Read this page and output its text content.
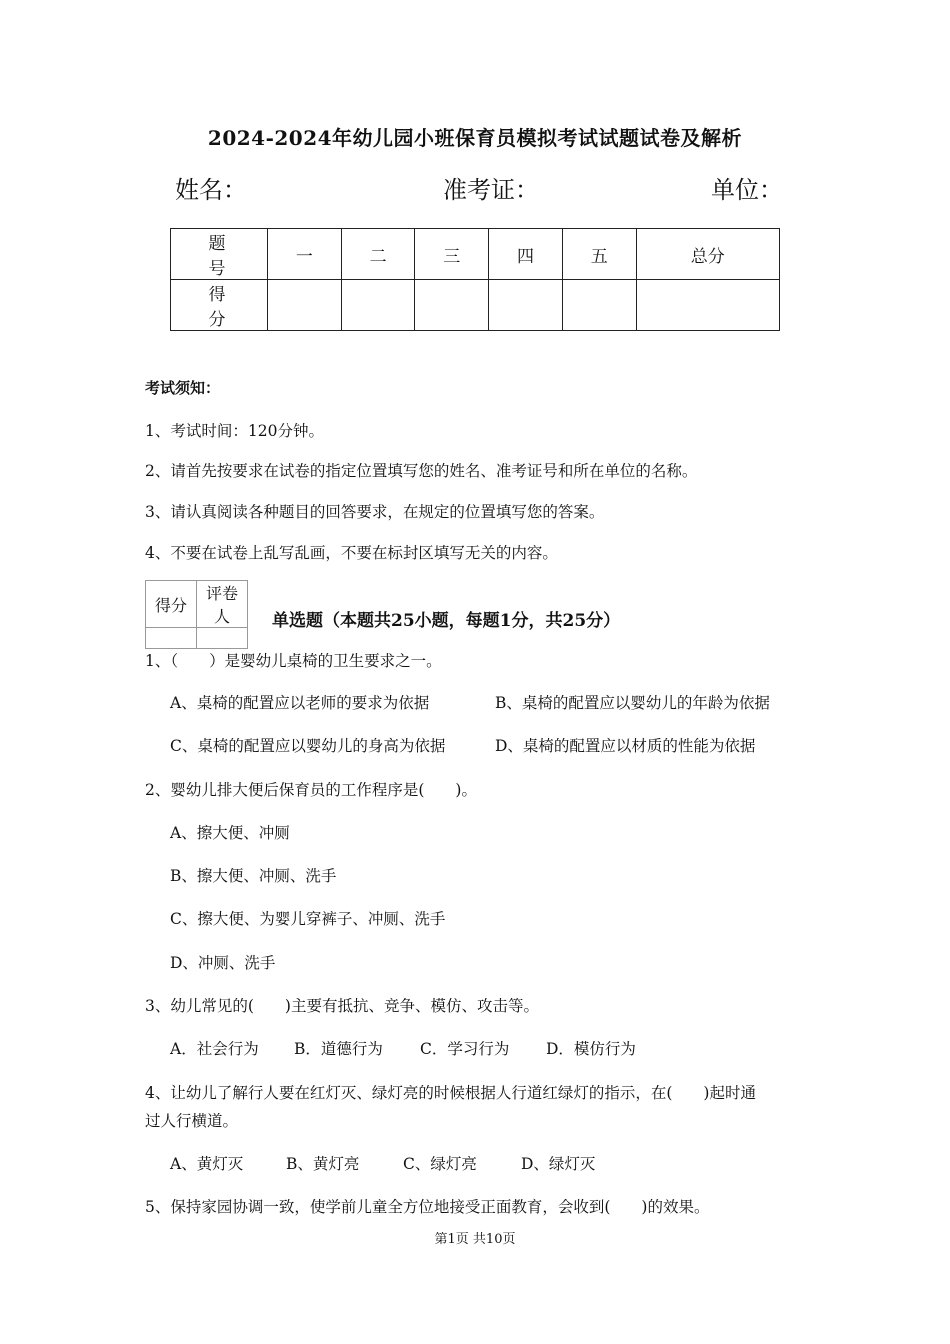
2024-2024年幼儿园小班保育员模拟考试试题试卷及解析
姓名：	准考证：	单位：
题　号	一	二	三	四	五	总分
得　分						
考试须知：
1、考试时间：120分钟。
2、请首先按要求在试卷的指定位置填写您的姓名、准考证号和所在单位的名称。
3、请认真阅读各种题目的回答要求，在规定的位置填写您的答案。
4、不要在试卷上乱写乱画，不要在标封区填写无关的内容。
得分	评卷人
	单选题（本题共25小题，每题1分，共25分）
1、（　　）是婴幼儿桌椅的卫生要求之一。
A、桌椅的配置应以老师的要求为依据	B、桌椅的配置应以婴幼儿的年龄为依据
C、桌椅的配置应以婴幼儿的身高为依据	D、桌椅的配置应以材质的性能为依据
2、婴幼儿排大便后保育员的工作程序是(　　)。
A、擦大便、冲厕
B、擦大便、冲厕、洗手
C、擦大便、为婴儿穿裤子、冲厕、洗手
D、冲厕、洗手
3、幼儿常见的(　　)主要有抵抗、竞争、模仿、攻击等。
A．社会行为 B．道德行为 C．学习行为 D．模仿行为
4、让幼儿了解行人要在红灯灭、绿灯亮的时候根据人行道红绿灯的指示，在(　　)起时通
过人行横道。
A、黄灯灭	B、黄灯亮	C、绿灯亮	D、绿灯灭
5、保持家园协调一致，使学前儿童全方位地接受正面教育，会收到(　　)的效果。
第1页 共10页
